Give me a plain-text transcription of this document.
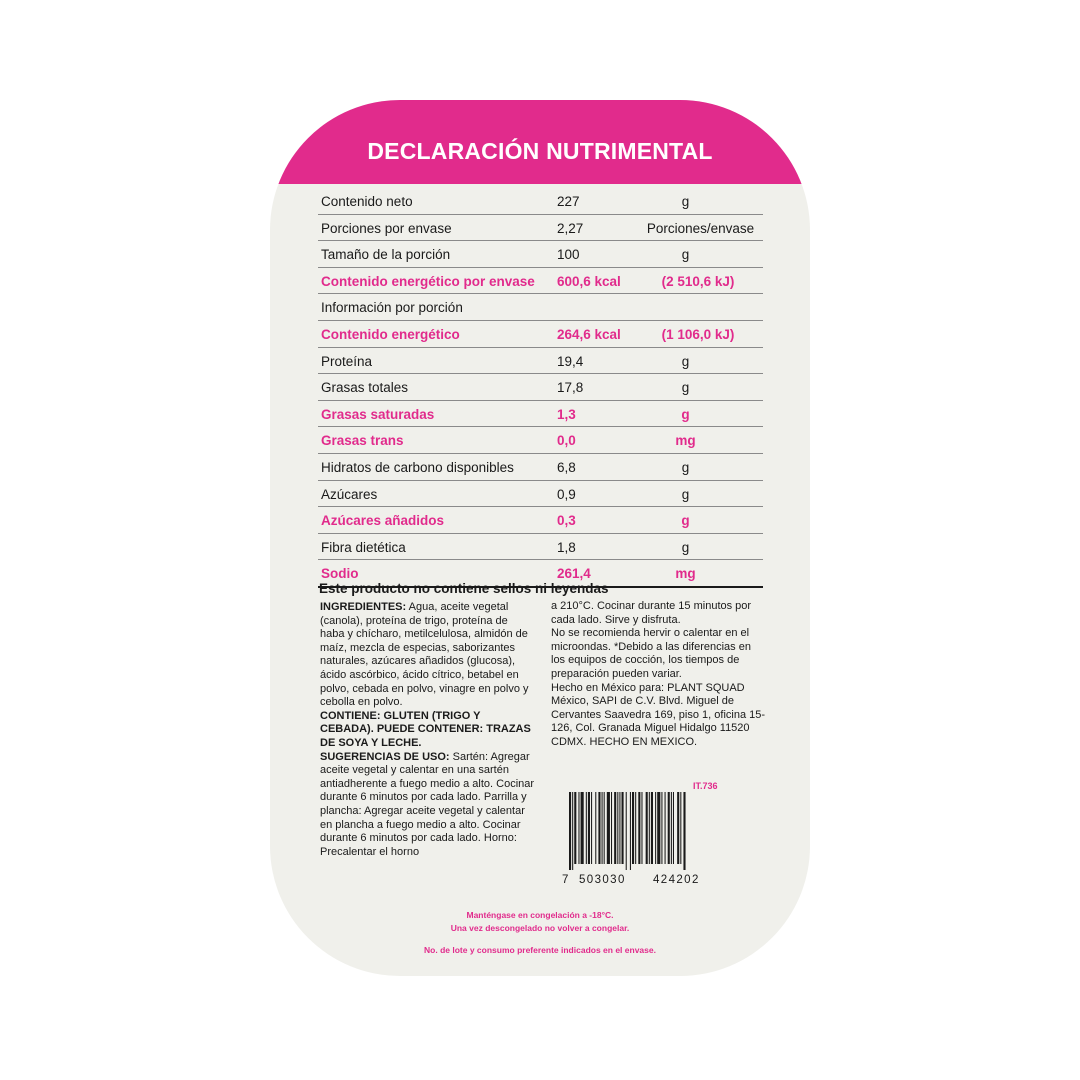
DECLARACIÓN NUTRIMENTAL
Contenido neto	227	g
Porciones por envase	2,27	Porciones/envase
Tamaño de la porción	100	g
Contenido energético por envase 600,6 kcal	(2 510,6 kJ)
Información por porción
Contenido energético	264,6 kcal	(1 106,0 kJ)
Proteína	19,4	g
Grasas totales	17,8	g
Grasas saturadas	1,3	g
Grasas trans	0,0	mg
Hidratos de carbono disponibles	6,8	g
Azúcares	0,9	g
Azúcares añadidos	0,3	g
Fibra dietética	1,8	g
Sodio	261,4	mg
Este producto no contiene sellos ni leyendas

INGREDIENTES: Agua, aceite vegetal (canola), proteína de trigo, proteína de haba y chícharo, metilcelulosa, almidón de maíz, mezcla de especias, saborizantes naturales, azúcares añadidos (glucosa), ácido ascórbico, ácido cítrico, betabel en polvo, cebada en polvo, vinagre en polvo y cebolla en polvo.

CONTIENE: GLUTEN (TRIGO Y CEBADA). PUEDE CONTENER: TRAZAS DE SOYA Y LECHE.

SUGERENCIAS DE USO: Sartén: Agregar aceite vegetal y calentar en una sartén antiadherente a fuego medio a alto. Cocinar durante 6 minutos por cada lado. Parrilla y plancha: Agregar aceite vegetal y calentar en plancha a fuego medio a alto. Cocinar durante 6 minutos por cada lado. Horno: Precalentar el horno

a 210°C. Cocinar durante 15 minutos por cada lado. Sirve y disfruta.

No se recomienda hervir o calentar en el microondas. *Debido a las diferencias en los equipos de cocción, los tiempos de preparación pueden variar.

Hecho en México para: PLANT SQUAD México, SAPI de C.V. Blvd. Miguel de Cervantes Saavedra 169, piso 1, oficina 15- 126, Col. Granada Miguel Hidalgo 11520 CDMX. HECHO EN MEXICO.

IT.736
7 503030 424202
Manténgase en congelación a -18°C.
Una vez descongelado no volver a congelar.
No. de lote y consumo preferente indicados en el envase.
